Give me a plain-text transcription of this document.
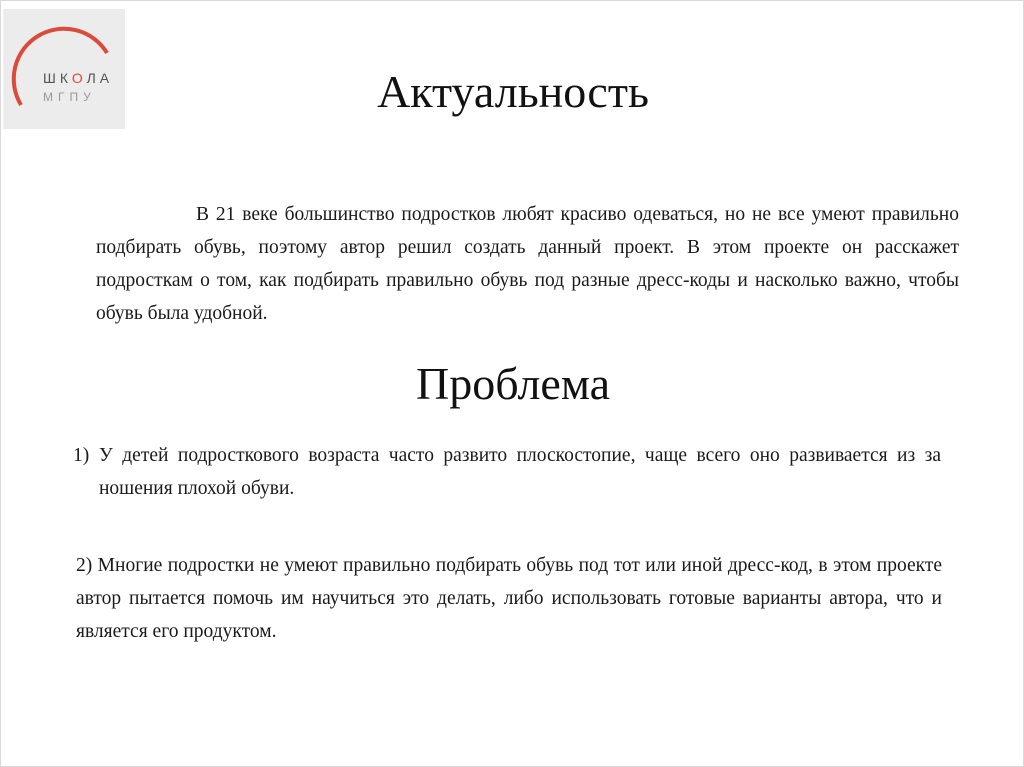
ШКОЛА
МГПУ	Актуальность

В 21 веке большинство подростков любят красиво одеваться, но не все умеют правильно подбирать обувь, поэтому автор решил создать данный проект. В этом проекте он расскажет подросткам о том, как подбирать правильно обувь под разные дресс-коды и насколько важно, чтобы обувь была удобной.

Проблема
1) У детей подросткового возраста часто развито плоскостопие, чаще всего оно развивается из за ношения плохой обуви.

2) Многие подростки не умеют правильно подбирать обувь под тот или иной дресс-код, в этом проекте автор пытается помочь им научиться это делать, либо использовать готовые варианты автора, что и является его продуктом.
